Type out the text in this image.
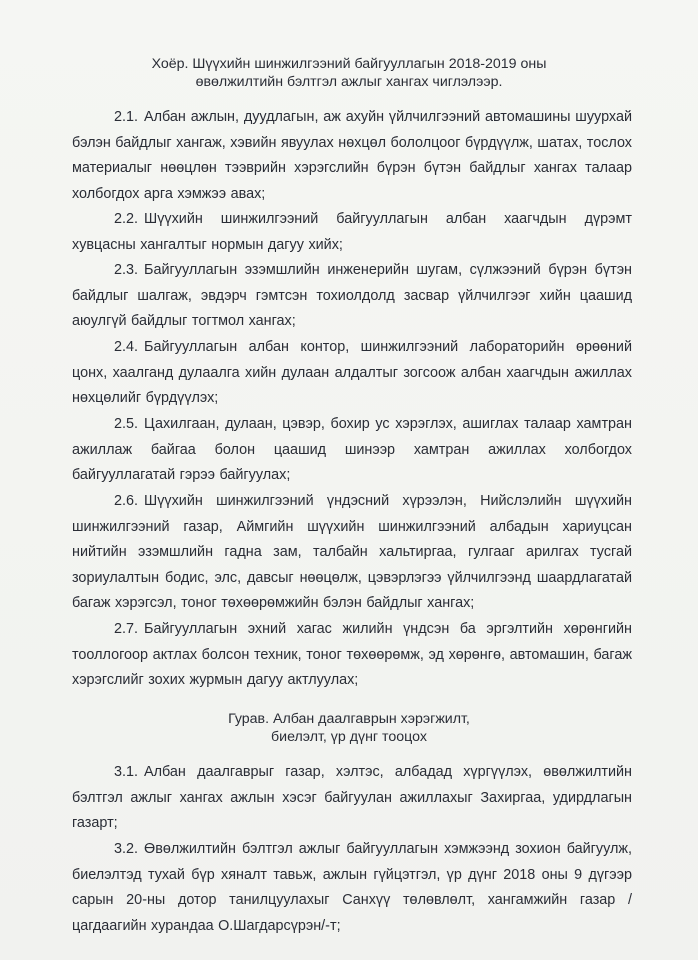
Хоёр. Шүүхийн шинжилгээний байгууллагын 2018-2019 оны
өвөлжилтийн бэлтгэл ажлыг хангах чиглэлээр.
2.1. Албан ажлын, дуудлагын, аж ахуйн үйлчилгээний автомашины шуурхай бэлэн байдлыг хангаж, хэвийн явуулах нөхцөл бололцоог бүрдүүлж, шатах, тослох материалыг нөөцлөн тээврийн хэрэгслийн бүрэн бүтэн байдлыг хангах талаар холбогдох арга хэмжээ авах;
2.2. Шүүхийн шинжилгээний байгууллагын албан хаагчдын дүрэмт хувцасны хангалтыг нормын дагуу хийх;
2.3. Байгууллагын эзэмшлийн инженерийн шугам, сүлжээний бүрэн бүтэн байдлыг шалгаж, эвдэрч гэмтсэн тохиолдолд засвар үйлчилгээг хийн цаашид аюулгүй байдлыг тогтмол хангах;
2.4. Байгууллагын албан контор, шинжилгээний лабораторийн өрөөний цонх, хаалганд дулаалга хийн дулаан алдалтыг зогсоож албан хаагчдын ажиллах нөхцөлийг бүрдүүлэх;
2.5. Цахилгаан, дулаан, цэвэр, бохир ус хэрэглэх, ашиглах талаар хамтран ажиллаж байгаа болон цаашид шинээр хамтран ажиллах холбогдох байгууллагатай гэрээ байгуулах;
2.6. Шүүхийн шинжилгээний үндэсний хүрээлэн, Нийслэлийн шүүхийн шинжилгээний газар, Аймгийн шүүхийн шинжилгээний албадын хариуцсан нийтийн эзэмшлийн гадна зам, талбайн хальтиргаа, гулгааг арилгах тусгай зориулалтын бодис, элс, давсыг нөөцөлж, цэвэрлэгээ үйлчилгээнд шаардлагатай багаж хэрэгсэл, тоног төхөөрөмжийн бэлэн байдлыг хангах;
2.7. Байгууллагын эхний хагас жилийн үндсэн ба эргэлтийн хөрөнгийн тооллогоор актлах болсон техник, тоног төхөөрөмж, эд хөрөнгө, автомашин, багаж хэрэгслийг зохих журмын дагуу актлуулах;
Гурав. Албан даалгаврын хэрэгжилт,
биелэлт, үр дүнг тооцох
3.1. Албан даалгаврыг газар, хэлтэс, албадад хүргүүлэх, өвөлжилтийн бэлтгэл ажлыг хангах ажлын хэсэг байгуулан ажиллахыг Захиргаа, удирдлагын газарт;
3.2. Өвөлжилтийн бэлтгэл ажлыг байгууллагын хэмжээнд зохион байгуулж, биелэлтэд тухай бүр хяналт тавьж, ажлын гүйцэтгэл, үр дүнг 2018 оны 9 дүгээр сарын 20-ны дотор танилцуулахыг Санхүү төлөвлөлт, хангамжийн газар /цагдаагийн хурандаа О.Шагдарсүрэн/-т;
